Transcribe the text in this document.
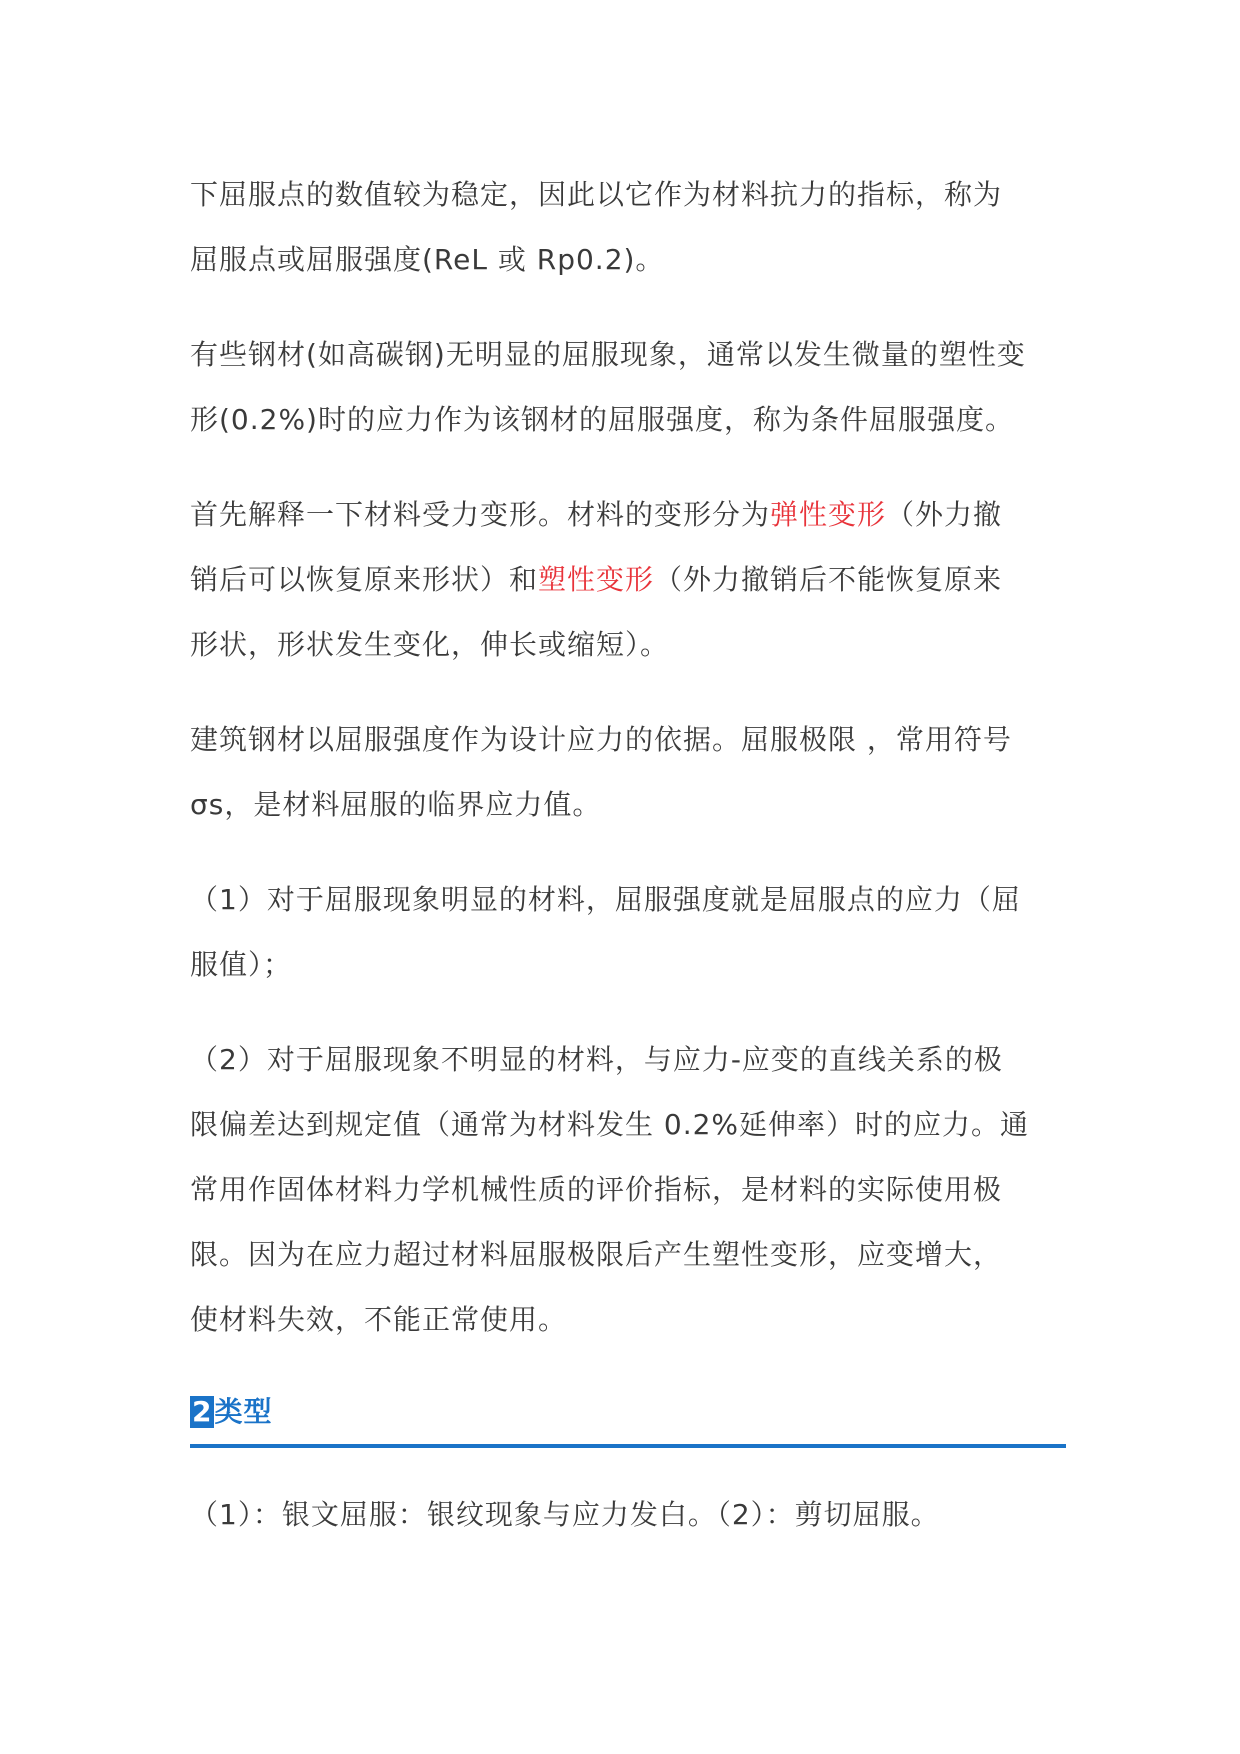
下屈服点的数值较为稳定，因此以它作为材料抗力的指标，称为
屈服点或屈服强度(ReL 或 Rp0.2)。

有些钢材(如高碳钢)无明显的屈服现象，通常以发生微量的塑性变
形(0.2%)时的应力作为该钢材的屈服强度，称为条件屈服强度。

首先解释一下材料受力变形。材料的变形分为弹性变形（外力撤
销后可以恢复原来形状）和塑性变形（外力撤销后不能恢复原来
形状，形状发生变化，伸长或缩短）。

建筑钢材以屈服强度作为设计应力的依据。屈服极限 ，常用符号
σs，是材料屈服的临界应力值。

（1）对于屈服现象明显的材料，屈服强度就是屈服点的应力（屈
服值）；

（2）对于屈服现象不明显的材料，与应力-应变的直线关系的极
限偏差达到规定值（通常为材料发生 0.2%延伸率）时的应力。通
常用作固体材料力学机械性质的评价指标，是材料的实际使用极
限。因为在应力超过材料屈服极限后产生塑性变形，应变增大，
使材料失效，不能正常使用。

2类型

（1）：银文屈服：银纹现象与应力发白。（2）：剪切屈服。
